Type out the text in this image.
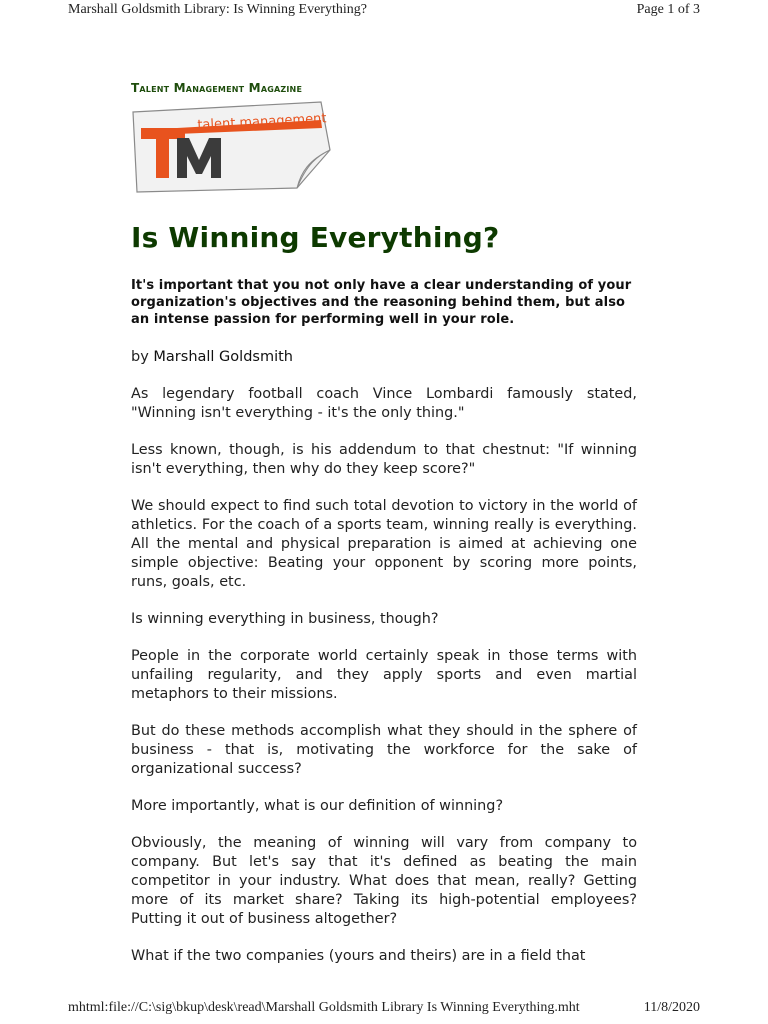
Marshall Goldsmith Library: Is Winning Everything?	Page 1 of 3
Talent Management Magazine
talent management
Is Winning Everything?
It's important that you not only have a clear understanding of your organization's objectives and the reasoning behind them, but also an intense passion for performing well in your role.
by Marshall Goldsmith

As legendary football coach Vince Lombardi famously stated, "Winning isn't everything - it's the only thing."

Less known, though, is his addendum to that chestnut: "If winning isn't everything, then why do they keep score?"

We should expect to find such total devotion to victory in the world of athletics. For the coach of a sports team, winning really is everything. All the mental and physical preparation is aimed at achieving one simple objective: Beating your opponent by scoring more points, runs, goals, etc.

Is winning everything in business, though?

People in the corporate world certainly speak in those terms with unfailing regularity, and they apply sports and even martial metaphors to their missions.

But do these methods accomplish what they should in the sphere of business - that is, motivating the workforce for the sake of organizational success?

More importantly, what is our definition of winning?

Obviously, the meaning of winning will vary from company to company. But let's say that it's defined as beating the main competitor in your industry. What does that mean, really? Getting more of its market share? Taking its high-potential employees? Putting it out of business altogether?

What if the two companies (yours and theirs) are in a field that

mhtml:file://C:\sig\bkup\desk\read\Marshall Goldsmith Library Is Winning Everything.mht	11/8/2020
